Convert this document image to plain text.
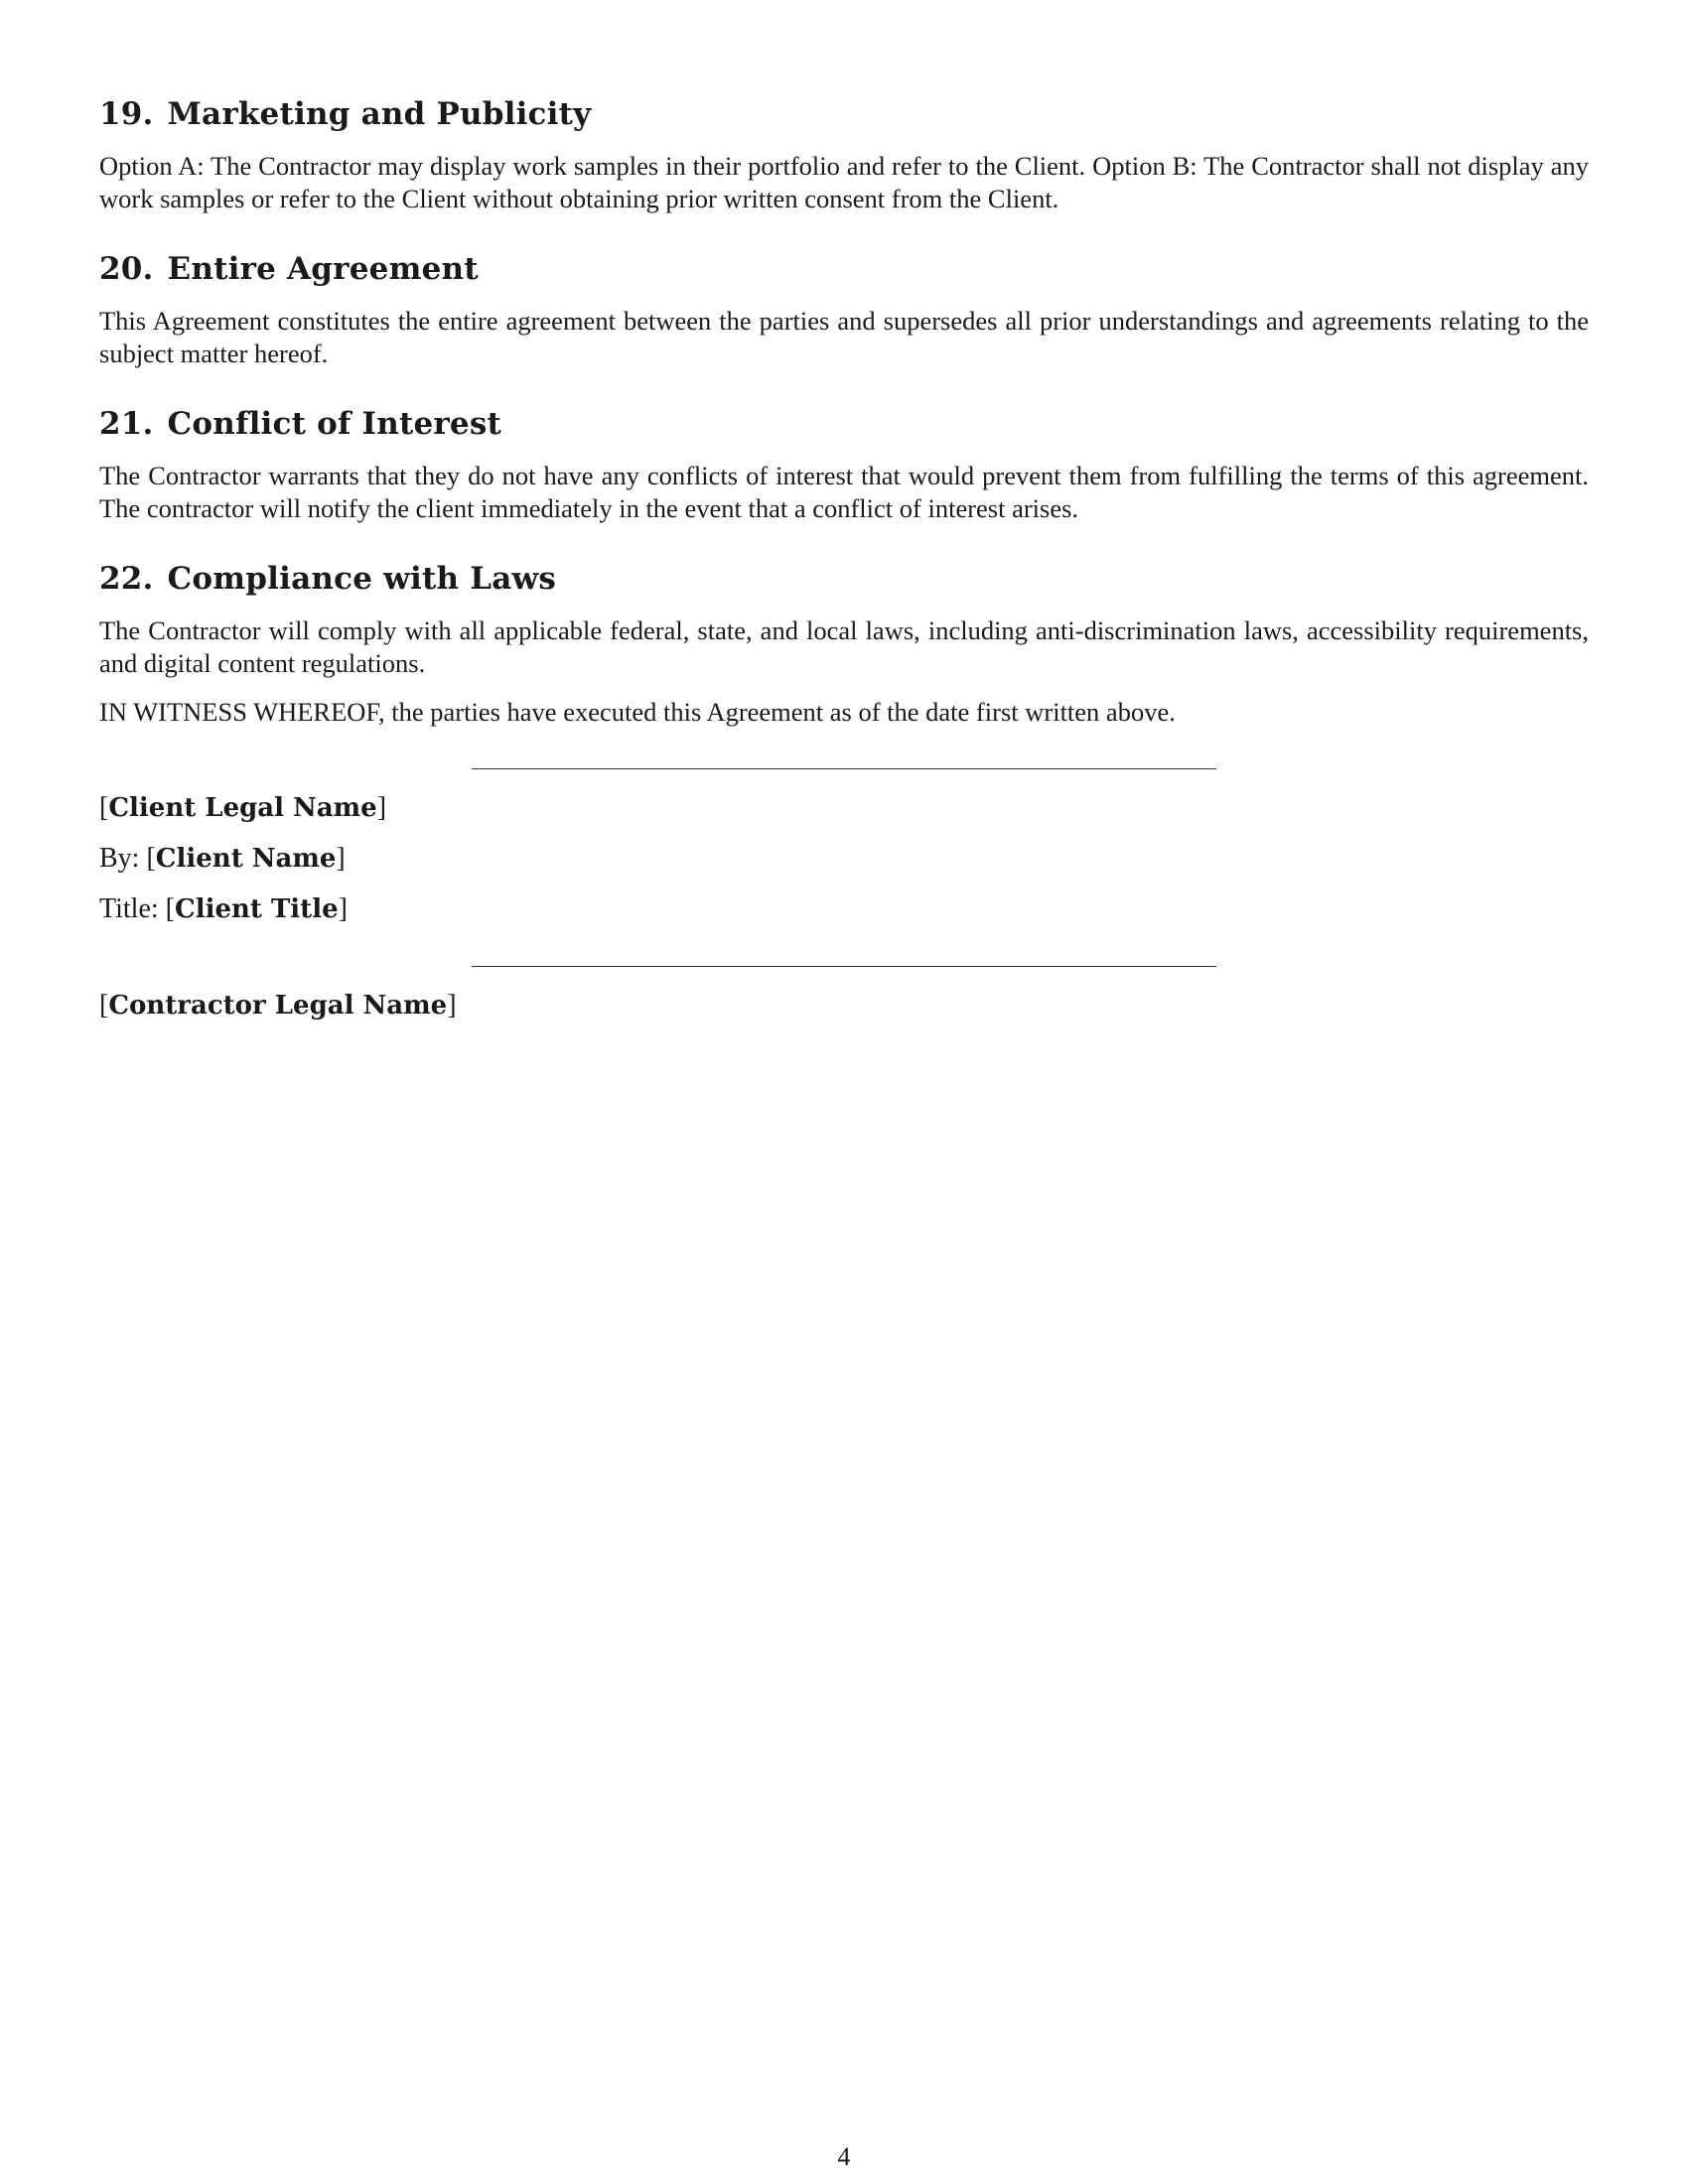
19. Marketing and Publicity

Option A: The Contractor may display work samples in their portfolio and refer to the Client. Option B: The Contractor shall not display any work samples or refer to the Client without obtaining prior written consent from the Client.

20. Entire Agreement

This Agreement constitutes the entire agreement between the parties and supersedes all prior understandings and agreements relating to the subject matter hereof.

21. Conflict of Interest

The Contractor warrants that they do not have any conflicts of interest that would prevent them from fulfilling the terms of this agreement. The contractor will notify the client immediately in the event that a conflict of interest arises.

22. Compliance with Laws

The Contractor will comply with all applicable federal, state, and local laws, including anti-discrimination laws, accessibility requirements, and digital content regulations.

IN WITNESS WHEREOF, the parties have executed this Agreement as of the date first written above.

[Client Legal Name]

By: [Client Name]

Title: [Client Title]

[Contractor Legal Name]

4
